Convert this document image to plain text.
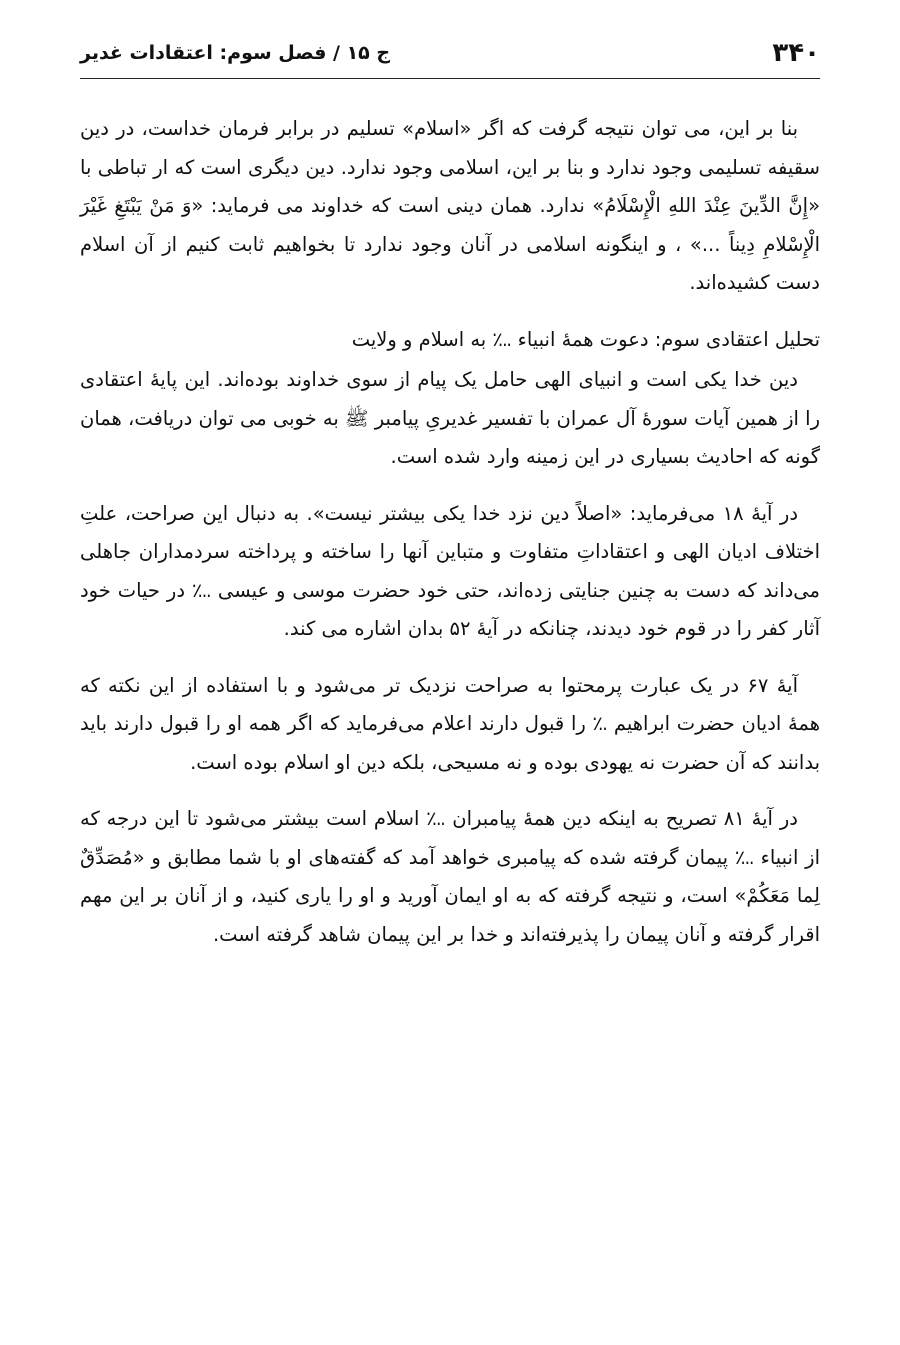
۳۴۰
ج ۱۵ / فصل سوم: اعتقادات غدیر

بنا بر این، می توان نتیجه گرفت که اگر «اسلام» تسلیم در برابر فرمان خداست، در دین سقیفه تسلیمی وجود ندارد و بنا بر این، اسلامی وجود ندارد. دین دیگری است که ار تباطی با «إِنَّ الدِّينَ عِنْدَ اللهِ الْإِسْلَامُ» ندارد. همان دینی است که خداوند می فرماید: «وَ مَنْ يَبْتَغِ غَيْرَ الْإِسْلامِ دِيناً ...» ، و اینگونه اسلامی در آنان وجود ندارد تا بخواهیم ثابت کنیم از آن اسلام دست کشیده‌اند.

تحلیل اعتقادی سوم: دعوت همهٔ انبیاء ؊ به اسلام و ولایت

دین خدا یکی است و انبیای الهی حامل یک پیام از سوی خداوند بوده‌اند. این پایهٔ اعتقادی را از همین آیات سورهٔ آل عمران با تفسیر غدیریِ پیامبر ﷺ به خوبی می توان دریافت، همان گونه که احادیث بسیاری در این زمینه وارد شده است.

در آیهٔ ۱۸ می‌فرماید: «اصلاً دین نزد خدا یکی بیشتر نیست». به دنبال این صراحت، علتِ اختلاف ادیان الهی و اعتقاداتِ متفاوت و متباین آنها را ساخته و پرداخته سردمداران جاهلی می‌داند که دست به چنین جنایتی زده‌اند، حتی خود حضرت موسی و عیسی ؊ در حیات خود آثار کفر را در قوم خود دیدند، چنانکه در آیهٔ ۵۲ بدان اشاره می کند.

آیهٔ ۶۷ در یک عبارت پرمحتوا به صراحت نزدیک تر می‌شود و با استفاده از این نکته که همهٔ ادیان حضرت ابراهیم ؉ را قبول دارند اعلام می‌فرماید که اگر همه او را قبول دارند باید بدانند که آن حضرت نه یهودی بوده و نه مسیحی، بلکه دین او اسلام بوده است.

در آیهٔ ۸۱ تصریح به اینکه دین همهٔ پیامبران ؊ اسلام است بیشتر می‌شود تا این درجه که از انبیاء ؊ پیمان گرفته شده که پیامبری خواهد آمد که گفته‌های او با شما مطابق و «مُصَدِّقٌ لِما مَعَكُمْ» است، و نتیجه گرفته که به او ایمان آورید و او را یاری کنید، و از آنان بر این مهم اقرار گرفته و آنان پیمان را پذیرفته‌اند و خدا بر این پیمان شاهد گرفته است.
